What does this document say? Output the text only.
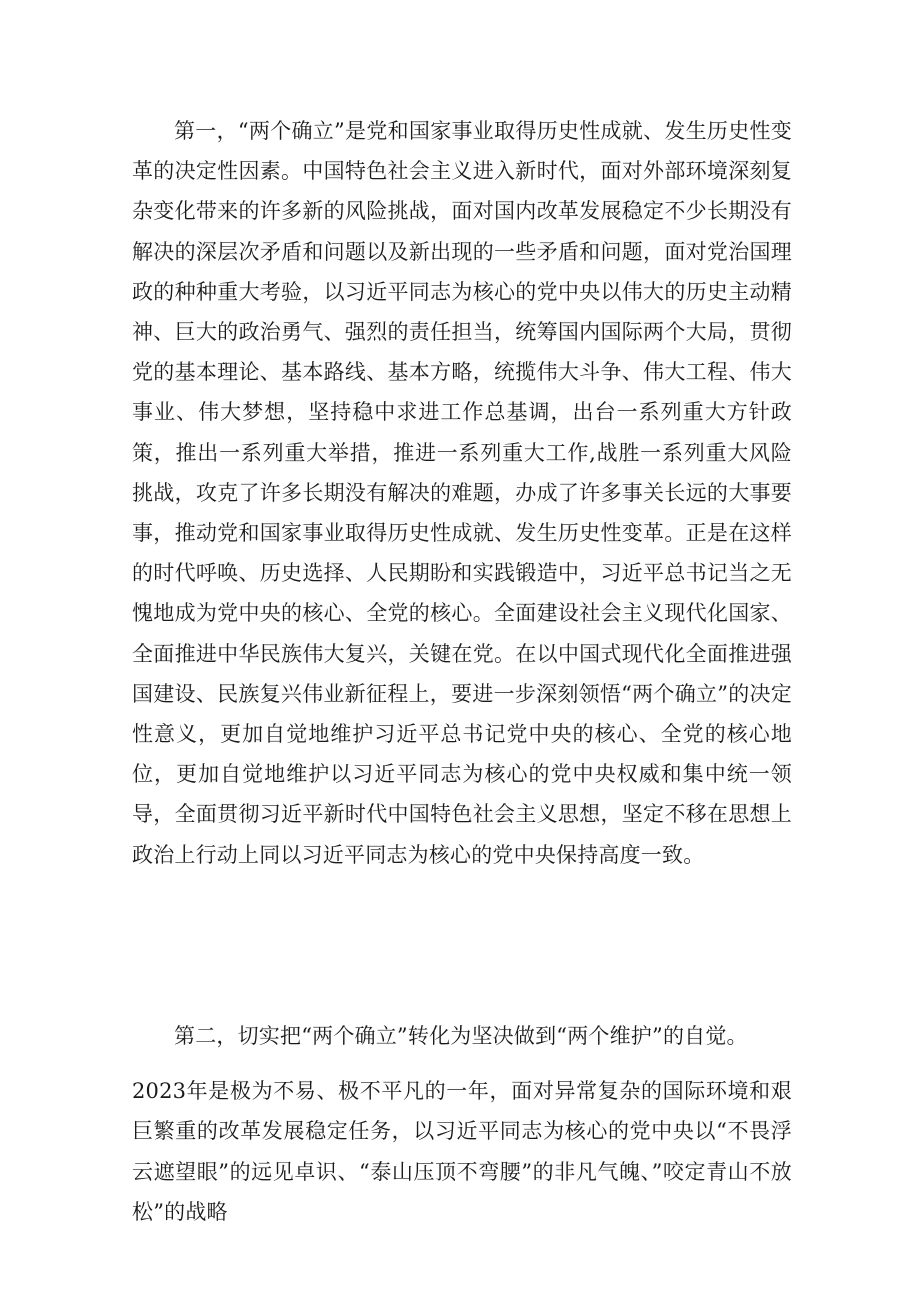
第一，“两个确立”是党和国家事业取得历史性成就、发生历史性变革的决定性因素。中国特色社会主义进入新时代，面对外部环境深刻复杂变化带来的许多新的风险挑战，面对国内改革发展稳定不少长期没有解决的深层次矛盾和问题以及新出现的一些矛盾和问题，面对党治国理政的种种重大考验，以习近平同志为核心的党中央以伟大的历史主动精神、巨大的政治勇气、强烈的责任担当，统筹国内国际两个大局，贯彻党的基本理论、基本路线、基本方略，统揽伟大斗争、伟大工程、伟大事业、伟大梦想，坚持稳中求进工作总基调，出台一系列重大方针政策，推出一系列重大举措，推进一系列重大工作,战胜一系列重大风险挑战，攻克了许多长期没有解决的难题，办成了许多事关长远的大事要事，推动党和国家事业取得历史性成就、发生历史性变革。正是在这样的时代呼唤、历史选择、人民期盼和实践锻造中，习近平总书记当之无愧地成为党中央的核心、全党的核心。全面建设社会主义现代化国家、全面推进中华民族伟大复兴，关键在党。在以中国式现代化全面推进强国建设、民族复兴伟业新征程上，要进一步深刻领悟“两个确立”的决定性意义，更加自觉地维护习近平总书记党中央的核心、全党的核心地位，更加自觉地维护以习近平同志为核心的党中央权威和集中统一领导，全面贯彻习近平新时代中国特色社会主义思想，坚定不移在思想上政治上行动上同以习近平同志为核心的党中央保持高度一致。

第二，切实把“两个确立”转化为坚决做到“两个维护”的自觉。
2023年是极为不易、极不平凡的一年，面对异常复杂的国际环境和艰巨繁重的改革发展稳定任务，以习近平同志为核心的党中央以“不畏浮云遮望眼”的远见卓识、“泰山压顶不弯腰”的非凡气魄、”咬定青山不放松”的战略
